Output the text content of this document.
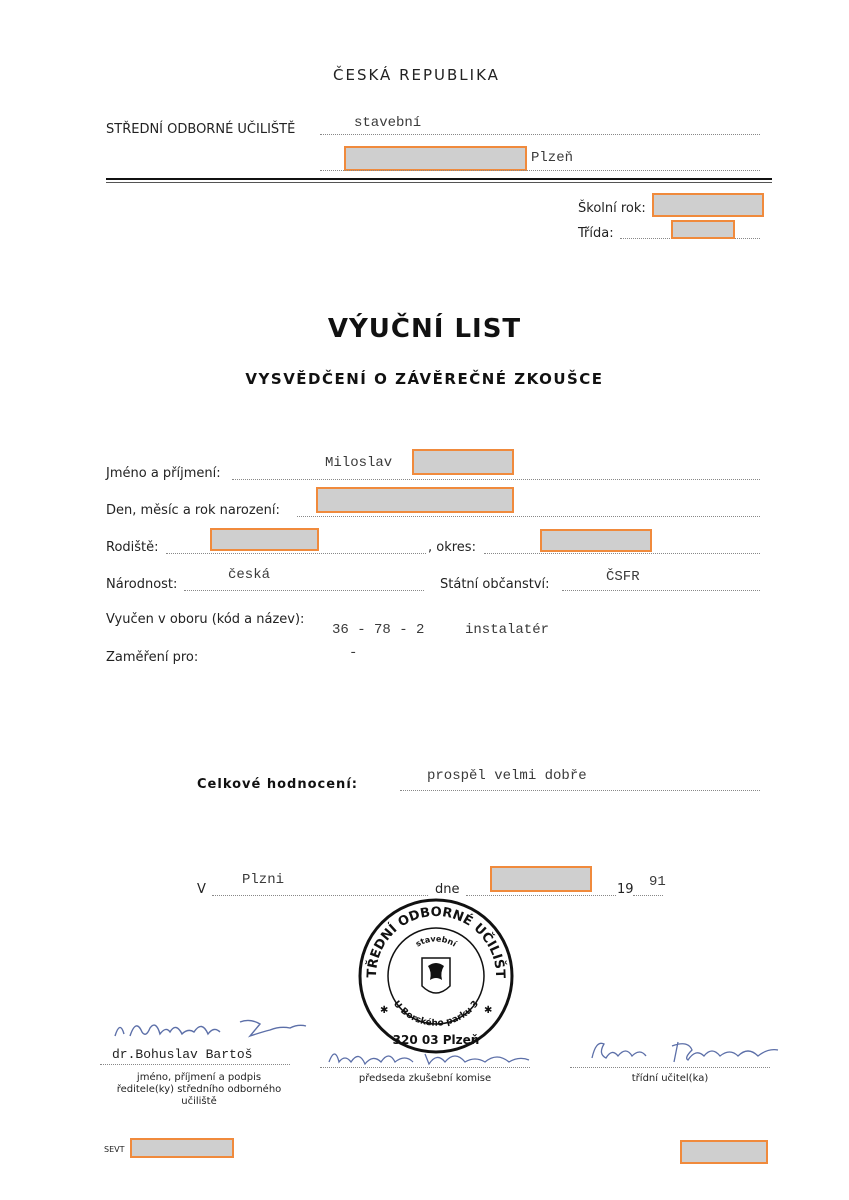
ČESKÁ REPUBLIKA
STŘEDNÍ ODBORNÉ UČILIŠTĚ	stavební
Plzeň
Školní rok:
Třída:
VÝUČNÍ LIST
VYSVĚDČENÍ O ZÁVĚREČNÉ ZKOUŠCE
Jméno a příjmení:
Miloslav
Den, měsíc a rok narození:
Rodiště:	, okres:
Národnost:
česká
Státní občanství:	ČSFR
Vyučen v oboru (kód a název):
36 - 78 - 2	instalatér
Zaměření pro:	-
Celkové hodnocení:
prospěl velmi dobře
V
Plzni
dne	19 91
TŘEDNÍ ODBORNÉ UČILIŠT
stavební
U Borského parku 3
320 03 Plzeň
✱	✱
dr.Bohuslav Bartoš
jméno, příjmení a podpis ředitele(ky) středního odborného učiliště
předseda zkušební komise	třídní učitel(ka)
SEVT
